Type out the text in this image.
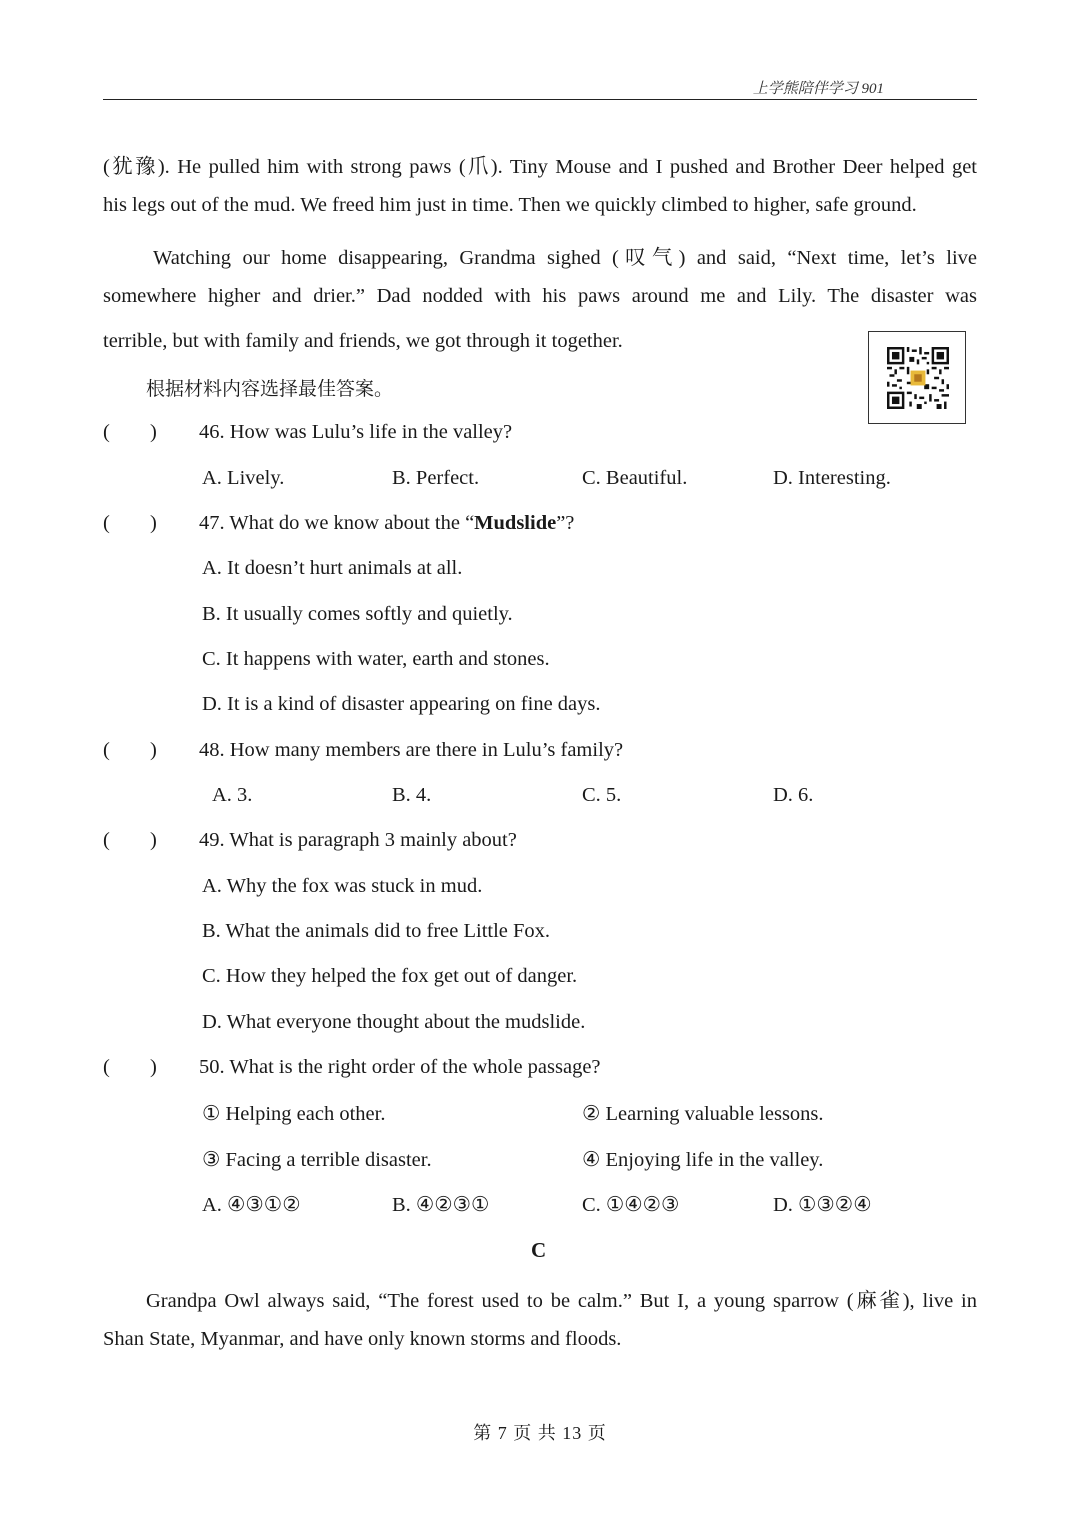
上学熊陪伴学习 901
(犹豫). He pulled him with strong paws (爪). Tiny Mouse and I pushed and Brother Deer helped get
his legs out of the mud. We freed him just in time. Then we quickly climbed to higher, safe ground.
Watching our home disappearing, Grandma sighed (叹气) and said, “Next time, let’s live
somewhere higher and drier.” Dad nodded with his paws around me and Lily. The disaster was
terrible, but with family and friends, we got through it together.
根据材料内容选择最佳答案。
( ) 46. How was Lulu’s life in the valley?
A. Lively.	B. Perfect.	C. Beautiful.	D. Interesting.
( ) 47. What do we know about the “Mudslide”?
A. It doesn’t hurt animals at all.
B. It usually comes softly and quietly.
C. It happens with water, earth and stones.
D. It is a kind of disaster appearing on fine days.
( ) 48. How many members are there in Lulu’s family?
A. 3.	B. 4.	C. 5.	D. 6.
( ) 49. What is paragraph 3 mainly about?
A. Why the fox was stuck in mud.
B. What the animals did to free Little Fox.
C. How they helped the fox get out of danger.
D. What everyone thought about the mudslide.
( ) 50. What is the right order of the whole passage?
① Helping each other.	② Learning valuable lessons.
③ Facing a terrible disaster.	④ Enjoying life in the valley.
A. ④③①②	B. ④②③①	C. ①④②③	D. ①③②④
C
Grandpa Owl always said, “The forest used to be calm.” But I, a young sparrow (麻雀), live in
Shan State, Myanmar, and have only known storms and floods.
第 7 页 共 13 页
